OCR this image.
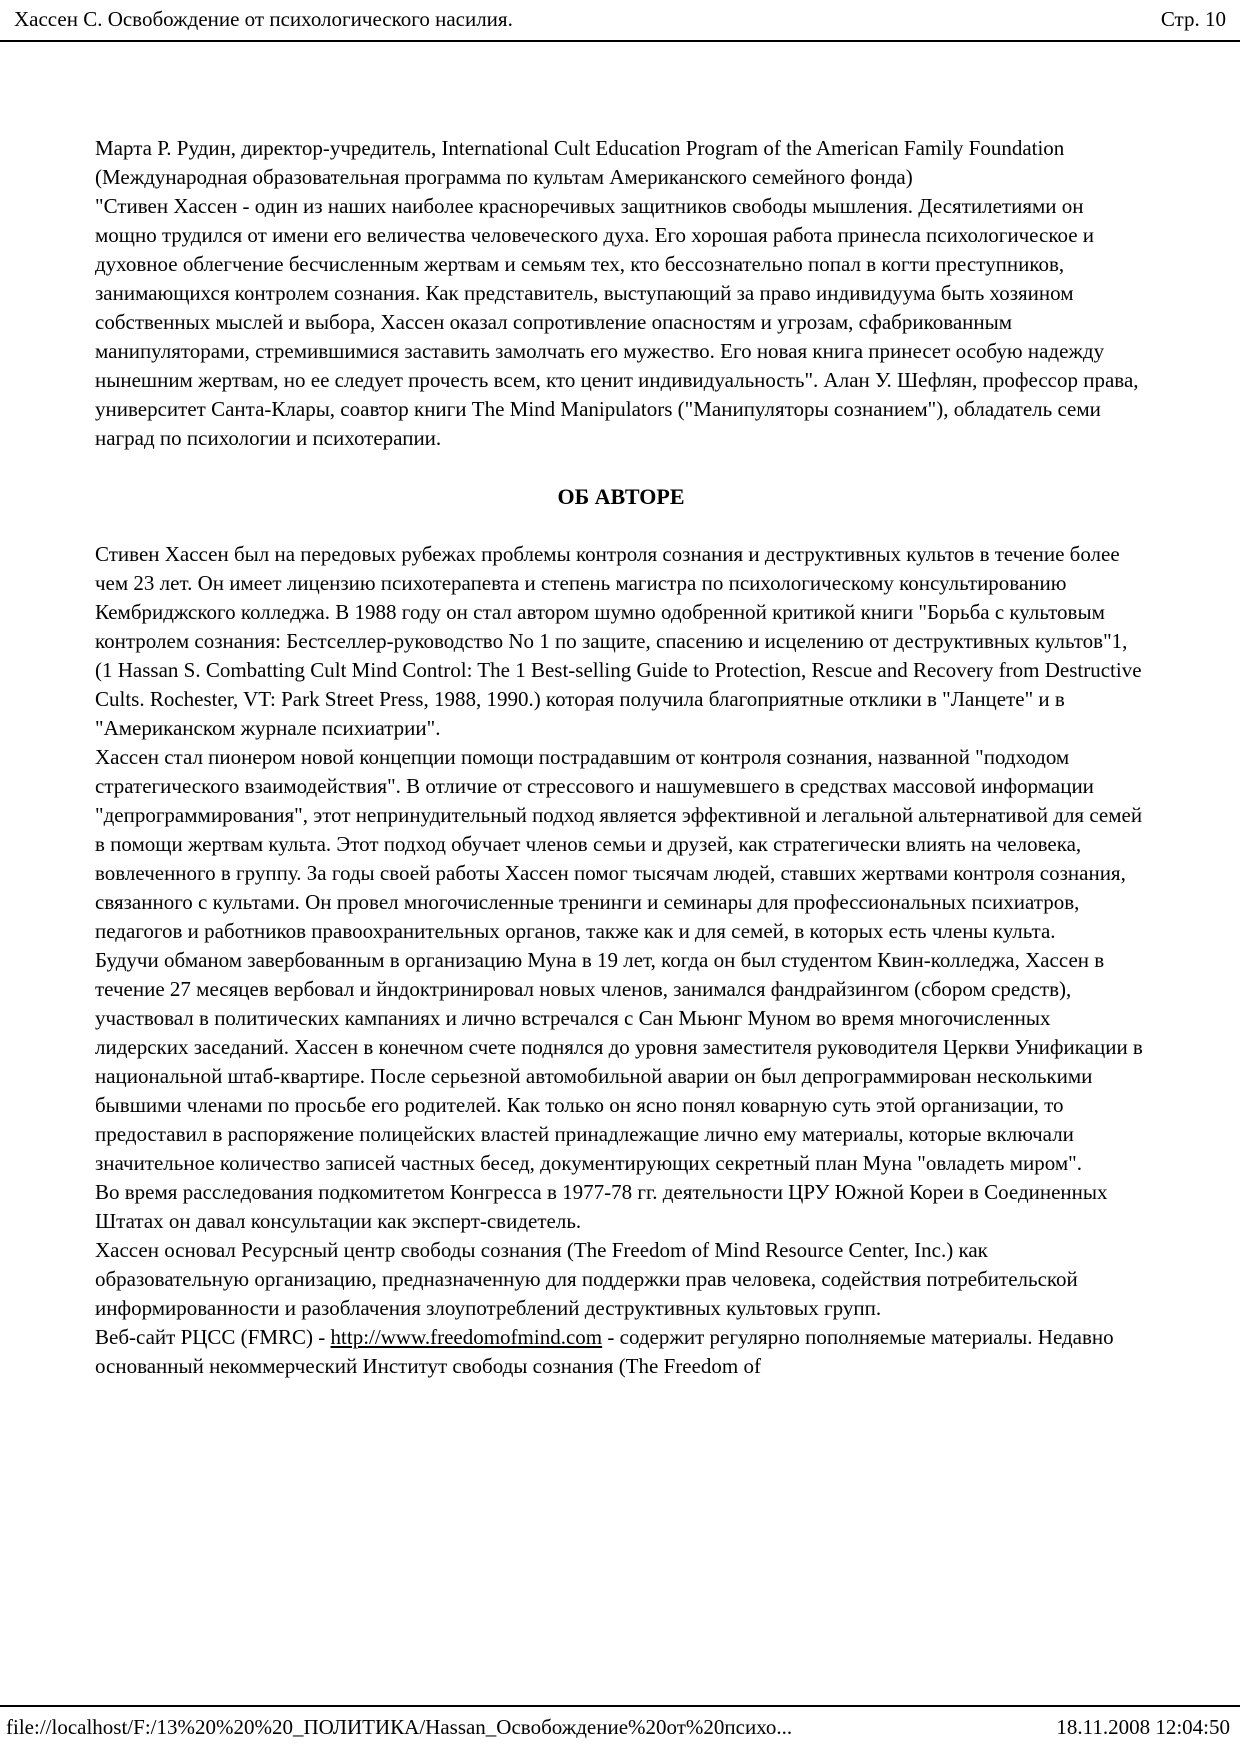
Хассен С. Освобождение от психологического насилия.	Стр. 10

Марта Р. Рудин, директор-учредитель, International Cult Education Program of the American Family Foundation (Международная образовательная программа по культам Американского семейного фонда)

"Стивен Хассен - один из наших наиболее красноречивых защитников свободы мышления. Десятилетиями он мощно трудился от имени его величества человеческого духа. Его хорошая работа принесла психологическое и духовное облегчение бесчисленным жертвам и семьям тех, кто бессознательно попал в когти преступников, занимающихся контролем сознания. Как представитель, выступающий за право индивидуума быть хозяином собственных мыслей и выбора, Хассен оказал сопротивление опасностям и угрозам, сфабрикованным манипуляторами, стремившимися заставить замолчать его мужество. Его новая книга принесет особую надежду нынешним жертвам, но ее следует прочесть всем, кто ценит индивидуальность". Алан У. Шефлян, профессор права, университет Санта-Клары, соавтор книги The Mind Manipulators ("Манипуляторы сознанием"), обладатель семи наград по психологии и психотерапии.

ОБ АВТОРЕ

Стивен Хассен был на передовых рубежах проблемы контроля сознания и деструктивных культов в течение более чем 23 лет. Он имеет лицензию психотерапевта и степень магистра по психологическому консультированию Кембриджского колледжа. В 1988 году он стал автором шумно одобренной критикой книги "Борьба с культовым контролем сознания: Бестселлер-руководство No 1 по защите, спасению и исцелению от деструктивных культов"1, (1 Hassan S. Combatting Cult Mind Control: The 1 Best-selling Guide to Protection, Rescue and Recovery from Destructive Cults. Rochester, VT: Park Street Press, 1988, 1990.) которая получила благоприятные отклики в "Ланцете" и в "Американском журнале психиатрии".

Хассен стал пионером новой концепции помощи пострадавшим от контроля сознания, названной "подходом стратегического взаимодействия". В отличие от стрессового и нашумевшего в средствах массовой информации "депрограммирования", этот непринудительный подход является эффективной и легальной альтернативой для семей в помощи жертвам культа. Этот подход обучает членов семьи и друзей, как стратегически влиять на человека, вовлеченного в группу. За годы своей работы Хассен помог тысячам людей, ставших жертвами контроля сознания, связанного с культами. Он провел многочисленные тренинги и семинары для профессиональных психиатров, педагогов и работников правоохранительных органов, также как и для семей, в которых есть члены культа.

Будучи обманом завербованным в организацию Муна в 19 лет, когда он был студентом Квин-колледжа, Хассен в течение 27 месяцев вербовал и йндоктринировал новых членов, занимался фандрайзингом (сбором средств), участвовал в политических кампаниях и лично встречался с Сан Мьюнг Муном во время многочисленных лидерских заседаний. Хассен в конечном счете поднялся до уровня заместителя руководителя Церкви Унификации в национальной штаб-квартире. После серьезной автомобильной аварии он был депрограммирован несколькими бывшими членами по просьбе его родителей. Как только он ясно понял коварную суть этой организации, то предоставил в распоряжение полицейских властей принадлежащие лично ему материалы, которые включали значительное количество записей частных бесед, документирующих секретный план Муна "овладеть миром".

Во время расследования подкомитетом Конгресса в 1977-78 гг. деятельности ЦРУ Южной Кореи в Соединенных Штатах он давал консультации как эксперт-свидетель.

Хассен основал Ресурсный центр свободы сознания (The Freedom of Mind Resource Center, Inc.) как образовательную организацию, предназначенную для поддержки прав человека, содействия потребительской информированности и разоблачения злоупотреблений деструктивных культовых групп.

Веб-сайт РЦСС (FMRC) - http://www.freedomofmind.com - содержит регулярно пополняемые материалы. Недавно основанный некоммерческий Институт свободы сознания (The Freedom of

file://localhost/F:/13%20%20%20_ПОЛИТИКА/Hassan_Освобождение%20от%20психо...	18.11.2008 12:04:50
